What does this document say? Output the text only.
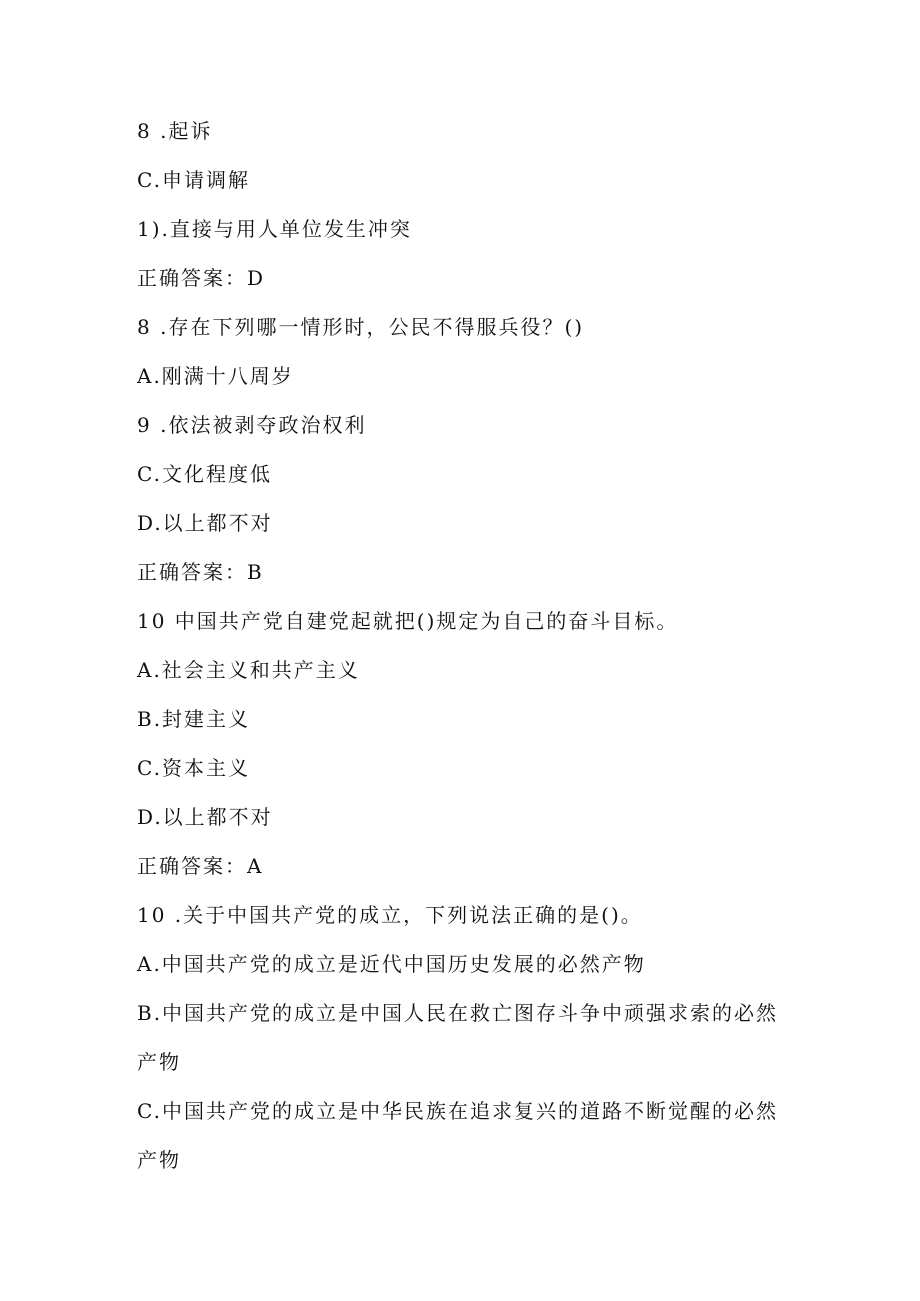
8 .起诉
C.申请调解
1).直接与用人单位发生冲突
正确答案：D
8 .存在下列哪一情形时，公民不得服兵役？()
A.刚满十八周岁
9 .依法被剥夺政治权利
C.文化程度低
D.以上都不对
正确答案：B
10 中国共产党自建党起就把()规定为自己的奋斗目标。
A.社会主义和共产主义
B.封建主义
C.资本主义
D.以上都不对
正确答案：A
10 .关于中国共产党的成立，下列说法正确的是()。
A.中国共产党的成立是近代中国历史发展的必然产物
B.中国共产党的成立是中国人民在救亡图存斗争中顽强求索的必然
产物
C.中国共产党的成立是中华民族在追求复兴的道路不断觉醒的必然
产物
